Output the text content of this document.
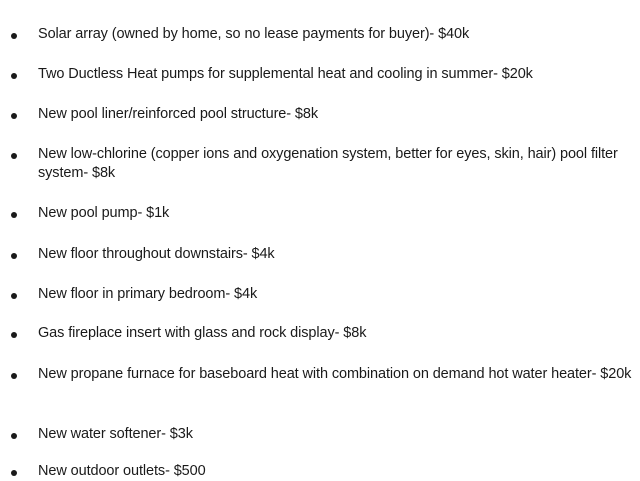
Solar array (owned by home, so no lease payments for buyer)- $40k
Two Ductless Heat pumps for supplemental heat and cooling in summer- $20k
New pool liner/reinforced pool structure- $8k
New low-chlorine (copper ions and oxygenation system, better for eyes, skin, hair) pool filter system- $8k
New pool pump- $1k
New floor throughout downstairs- $4k
New floor in primary bedroom- $4k
Gas fireplace insert with glass and rock display- $8k
New propane furnace for baseboard heat with combination on demand hot water heater- $20k
New water softener- $3k
New outdoor outlets- $500
